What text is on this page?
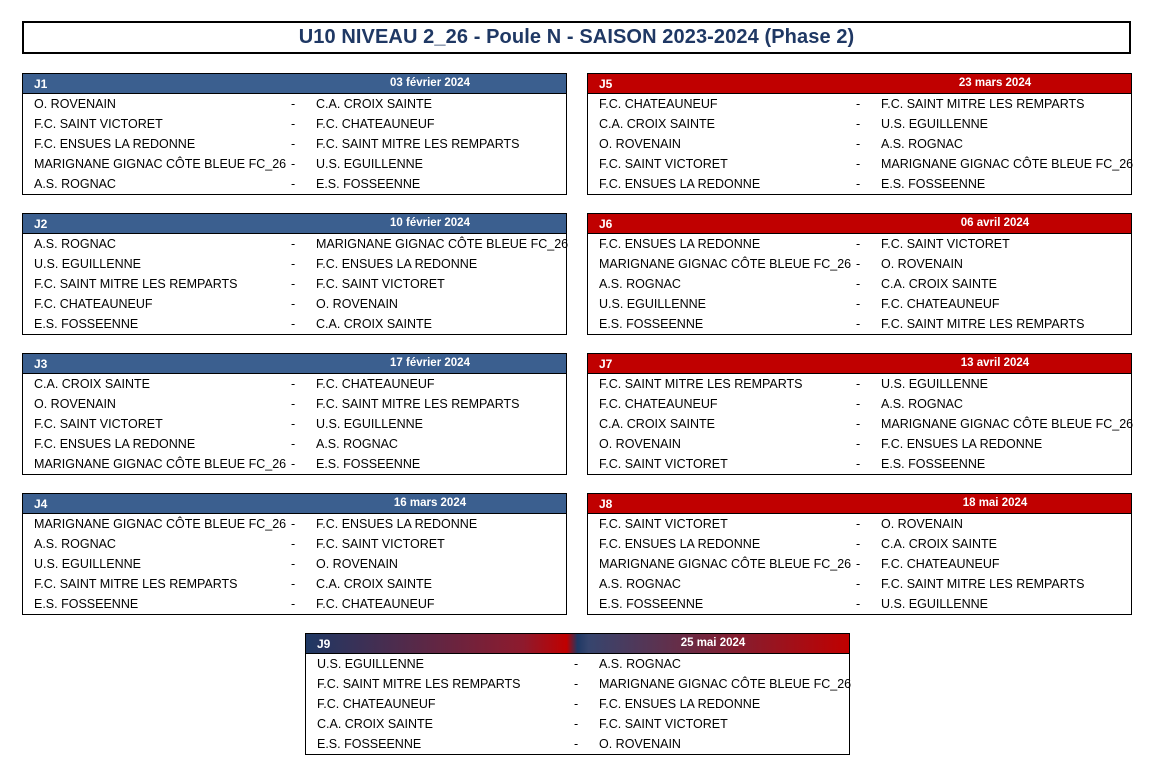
U10 NIVEAU 2_26 - Poule N - SAISON 2023-2024 (Phase 2)
J1	03 février 2024
O. ROVENAIN	- C.A. CROIX SAINTE
F.C. SAINT VICTORET	- F.C. CHATEAUNEUF
F.C. ENSUES LA REDONNE	- F.C. SAINT MITRE LES REMPARTS
MARIGNANE GIGNAC CÔTE BLEUE FC_26 - U.S. EGUILLENNE
A.S. ROGNAC	- E.S. FOSSEENNE
J2	10 février 2024
A.S. ROGNAC	- MARIGNANE GIGNAC CÔTE BLEUE FC_26
U.S. EGUILLENNE	- F.C. ENSUES LA REDONNE
F.C. SAINT MITRE LES REMPARTS	- F.C. SAINT VICTORET
F.C. CHATEAUNEUF	- O. ROVENAIN
E.S. FOSSEENNE	- C.A. CROIX SAINTE
J3	17 février 2024
C.A. CROIX SAINTE	- F.C. CHATEAUNEUF
O. ROVENAIN	- F.C. SAINT MITRE LES REMPARTS
F.C. SAINT VICTORET	- U.S. EGUILLENNE
F.C. ENSUES LA REDONNE	- A.S. ROGNAC
MARIGNANE GIGNAC CÔTE BLEUE FC_26 - E.S. FOSSEENNE
J4	16 mars 2024
MARIGNANE GIGNAC CÔTE BLEUE FC_26 - F.C. ENSUES LA REDONNE
A.S. ROGNAC	- F.C. SAINT VICTORET
U.S. EGUILLENNE	- O. ROVENAIN
F.C. SAINT MITRE LES REMPARTS	- C.A. CROIX SAINTE
E.S. FOSSEENNE	- F.C. CHATEAUNEUF
J5	23 mars 2024
F.C. CHATEAUNEUF	- F.C. SAINT MITRE LES REMPARTS
C.A. CROIX SAINTE	- U.S. EGUILLENNE
O. ROVENAIN	- A.S. ROGNAC
F.C. SAINT VICTORET	- MARIGNANE GIGNAC CÔTE BLEUE FC_26
F.C. ENSUES LA REDONNE	- E.S. FOSSEENNE
J6	06 avril 2024
F.C. ENSUES LA REDONNE	- F.C. SAINT VICTORET
MARIGNANE GIGNAC CÔTE BLEUE FC_26 - O. ROVENAIN
A.S. ROGNAC	- C.A. CROIX SAINTE
U.S. EGUILLENNE	- F.C. CHATEAUNEUF
E.S. FOSSEENNE	- F.C. SAINT MITRE LES REMPARTS
J7	13 avril 2024
F.C. SAINT MITRE LES REMPARTS	- U.S. EGUILLENNE
F.C. CHATEAUNEUF	- A.S. ROGNAC
C.A. CROIX SAINTE	- MARIGNANE GIGNAC CÔTE BLEUE FC_26
O. ROVENAIN	- F.C. ENSUES LA REDONNE
F.C. SAINT VICTORET	- E.S. FOSSEENNE
J8	18 mai 2024
F.C. SAINT VICTORET	- O. ROVENAIN
F.C. ENSUES LA REDONNE	- C.A. CROIX SAINTE
MARIGNANE GIGNAC CÔTE BLEUE FC_26 - F.C. CHATEAUNEUF
A.S. ROGNAC	- F.C. SAINT MITRE LES REMPARTS
E.S. FOSSEENNE	- U.S. EGUILLENNE
J9	25 mai 2024
U.S. EGUILLENNE	- A.S. ROGNAC
F.C. SAINT MITRE LES REMPARTS	- MARIGNANE GIGNAC CÔTE BLEUE FC_26
F.C. CHATEAUNEUF	- F.C. ENSUES LA REDONNE
C.A. CROIX SAINTE	- F.C. SAINT VICTORET
E.S. FOSSEENNE	- O. ROVENAIN
